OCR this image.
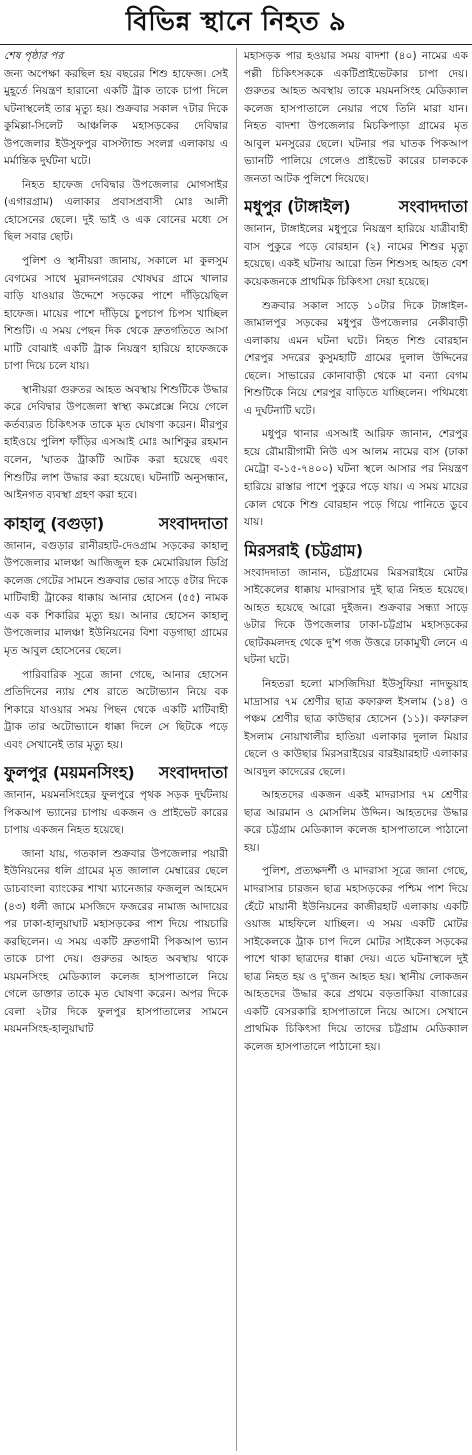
বিভিন্ন স্থানে নিহত ৯
শেষ পৃষ্ঠার পর

জন্য অপেক্ষা করছিল হয় বছরের শিশু হাফেজ। সেই মুহূর্তে নিয়ন্ত্রণ হারানো একটি ট্রাক তাকে চাপা দিলে ঘটনাস্থলেই তার মৃত্যু হয়। শুক্রবার সকাল ৭টার দিকে কুমিল্লা-সিলেট আঞ্চলিক মহাসড়কের দেবিদ্বার উপজেলার ইউসুফপুর বাসস্ট্যান্ড সংলগ্ন এলাকায় এ মর্মান্তিক দুর্ঘটনা ঘটে।

নিহত হাফেজ দেবিদ্বার উপজেলার মোগসাইর (এগারগ্রাম) এলাকার প্রবাসপ্রবাসী মোঃ আলী হোসেনের ছেলে। দুই ভাই ও এক বোনের মধ্যে সে ছিল সবার ছোট।

পুলিশ ও স্থানীয়রা জানায়, সকালে মা কুলসুম বেগমের সাথে মুরাদনগরের খোষঘর গ্রামে খালার বাড়ি যাওয়ার উদ্দেশে সড়কের পাশে দাঁড়িয়েছিল হাফেজ। মায়ের পাশে দাঁড়িয়ে চুপচাপ চিপস খাচ্ছিল শিশুটি। এ সময় পেছন দিক থেকে দ্রুতগতিতে আসা মাটি বোঝাই একটি ট্রাক নিয়ন্ত্রণ হারিয়ে হাফেজকে চাপা দিয়ে চলে যায়।

স্থানীয়রা গুরুতর আহত অবস্থায় শিশুটিকে উদ্ধার করে দেবিদ্বার উপজেলা স্বাস্থ্য কমপ্লেক্সে নিয়ে গেলে কর্তব্যরত চিকিৎসক তাকে মৃত ঘোষণা করেন। মীরপুর হাইওয়ে পুলিশ ফাঁড়ির এসআই মোঃ আশিকুর রহমান বলেন, 'ঘাতক ট্রাকটি আটক করা হয়েছে এবং শিশুটির লাশ উদ্ধার করা হয়েছে। ঘটনাটি অনুসন্ধান, আইনগত ব্যবস্থা গ্রহণ করা হবে।

কাহালু (বগুড়া)	সংবাদদাতা

জানান, বগুড়ার রানীরহাট-দেওগ্রাম সড়কের কাহালু উপজেলার মালঞ্চা আজিজুল হক মেমোরিয়াল ডিগ্রি কলেজ গেটের সামনে শুক্রবার ভোর সাড়ে ৫টার দিকে মাটিবাহী ট্রাকের ধাক্কায় আনার হোসেন (৫৫) নামক এক বক শিকারির মৃত্যু হয়। আনার হোসেন কাহালু উপজেলার মালঞ্চা ইউনিয়নের বিশা বড়গাছা গ্রামের মৃত আবুল হোসেনের ছেলে।

পারিবারিক সূত্রে জানা গেছে, আনার হোসেন প্রতিদিনের ন্যায় শেষ রাতে অটোভ্যান নিয়ে বক শিকারে যাওয়ার সময় পিছন থেকে একটি মাটিবাহী ট্রাক তার অটোভ্যানে ধাক্কা দিলে সে ছিটকে পড়ে এবং সেখানেই তার মৃত্যু হয়।

ফুলপুর (ময়মনসিংহ) সংবাদদাতা

জানান, ময়মনসিংহের ফুলপুরে পৃথক সড়ক দুর্ঘটনায় পিকআপ ভ্যানের চাপায় একজন ও প্রাইভেট কারের চাপায় একজন নিহত হয়েছে।

জানা যায়, গতকাল শুক্রবার উপজেলার পয়ারী ইউনিয়নের ধলি গ্রামের মৃত জালাল মেম্বারের ছেলে ডাচবাংলা ব্যাংকের শাখা ম্যানেজার ফজলুল আহমেদ (৪৩) ধলী জামে মসজিদে ফজরের নামাজ আদায়ের পর ঢাকা-হালুয়াঘাট মহাসড়কের পাশ দিয়ে পায়চারি করছিলেন। এ সময় একটি দ্রুতগামী পিকআপ ভ্যান তাকে চাপা দেয়। গুরুতর আহত অবস্থায় থাকে ময়মনসিংহ মেডিক্যাল কলেজ হাসপাতালে নিয়ে গেলে ডাক্তার তাকে মৃত ঘোষণা করেন। অপর দিকে বেলা ২টার দিকে ফুলপুর হাসপাতালের সামনে ময়মনসিংহ-হালুয়াঘাট

মহাসড়ক পার হওয়ার সময় বাদশা (৪০) নামের এক পল্লী চিকিৎসককে একটিপ্রাইভেটকার চাপা দেয়। গুরুতর আহত অবস্থায় তাকে ময়মনসিংহ মেডিক্যাল কলেজ হাসপাতালে নেয়ার পথে তিনি মারা যান। নিহত বাদশা উপজেলার মিচকিপাড়া গ্রামের মৃত আবুল মনসুরের ছেলে। ঘটনার পর ঘাতক পিকআপ ভ্যানটি পালিয়ে গেলেও প্রাইভেট কারের চালককে জনতা আটক পুলিশে দিয়েছে।

মধুপুর (টাঙ্গাইল)	সংবাদদাতা

জানান, টাঙ্গাইলের মধুপুরে নিয়ন্ত্রণ হারিয়ে যাত্রীবাহী বাস পুকুরে পড়ে বোরহান (২) নামের শিশুর মৃত্যু হয়েছে। একই ঘটনায় আরো তিন শিশুসহ আহত বেশ কয়েকজনকে প্রাথমিক চিকিৎসা দেয়া হয়েছে।

শুক্রবার সকাল সাড়ে ১০টার দিকে টাঙ্গাইল-জামালপুর সড়কের মধুপুর উপজেলার নেকীবাড়ী এলাকায় এমন ঘটনা ঘটে। নিহত শিশু বোরহান শেরপুর সদরের কুসুমহাটি গ্রামের দুলাল উদ্দিনের ছেলে। সাভারের কোনাবাড়ী থেকে মা বন্যা বেগম শিশুটিকে নিয়ে শেরপুর বাড়িতে যাচ্ছিলেন। পথিমধ্যে এ দুর্ঘটনাটি ঘটে।

মধুপুর থানার এসআই আরিফ জানান, শেরপুর হয়ে রৌমারীগামী নিউ এস আলম নামের বাস (ঢাকা মেট্রো ব-১৫-৭৪০০) ঘটনা স্থলে আসার পর নিয়ন্ত্রণ হারিয়ে রাস্তার পাশে পুকুরে পড়ে যায়। এ সময় মায়ের কোল থেকে শিশু বোরহান পড়ে গিয়ে পানিতে ডুবে যায়।

মিরসরাই (চট্টগ্রাম)

সংবাদদাতা জানান, চট্টগ্রামের মিরসরাইয়ে মোটর সাইকেলের ধাক্কায় মাদরাসার দুই ছাত্র নিহত হয়েছে। আহত হয়েছে আরো দুইজন। শুক্রবার সন্ধ্যা সাড়ে ৬টার দিকে উপজেলার ঢাকা-চট্টগ্রাম মহাসড়কের ছোটকমলদহ থেকে দু'শ গজ উত্তরে ঢাকামুখী লেনে এ ঘটনা ঘটে।

নিহতরা হলো মাসজিদিয়া ইউসুফিয়া নাদভুয়াহ মাদ্রাসার ৭ম শ্রেণীর ছাত্র কফারুল ইসলাম (১৪) ও পঞ্চম শ্রেণীর ছাত্র কাউছার হোসেন (১১)। কফারুল ইসলাম নোয়াখালীর হাতিয়া এলাকার দুলাল মিয়ার ছেলে ও কাউছার মিরসরাইয়ের বারইয়ারহাট এলাকার আবদুল কাদেরের ছেলে।

আহতদের একজন একই মাদরাসার ৭ম শ্রেণীর ছাত্র আরমান ও মোসলিম উদ্দিন। আহতদের উদ্ধার করে চট্টগ্রাম মেডিক্যাল কলেজ হাসপাতালে পাঠানো হয়।

পুলিশ, প্রত্যক্ষদর্শী ও মাদরাসা সূত্রে জানা গেছে, মাদরাসার চারজন ছাত্র মহাসড়কের পশ্চিম পাশ দিয়ে হেঁটে মায়ানী ইউনিয়নের কাজীরহাট এলাকায় একটি ওয়াজ মাহফিলে যাচ্ছিল। এ সময় একটি মোটর সাইকেলকে ট্রাক চাপ দিলে মোটর সাইকেল সড়কের পাশে থাকা ছাত্রদের ধাক্কা দেয়। এতে ঘটনাস্থলে দুই ছাত্র নিহত হয় ও দু'জন আহত হয়। স্থানীয় লোকজন আহতদের উদ্ধার করে প্রথমে বড়তাকিয়া বাজারের একটি বেসরকারি হাসপাতালে নিয়ে আসে। সেখানে প্রাথমিক চিকিৎসা দিয়ে তাদের চট্টগ্রাম মেডিক্যাল কলেজ হাসপাতালে পাঠানো হয়।
